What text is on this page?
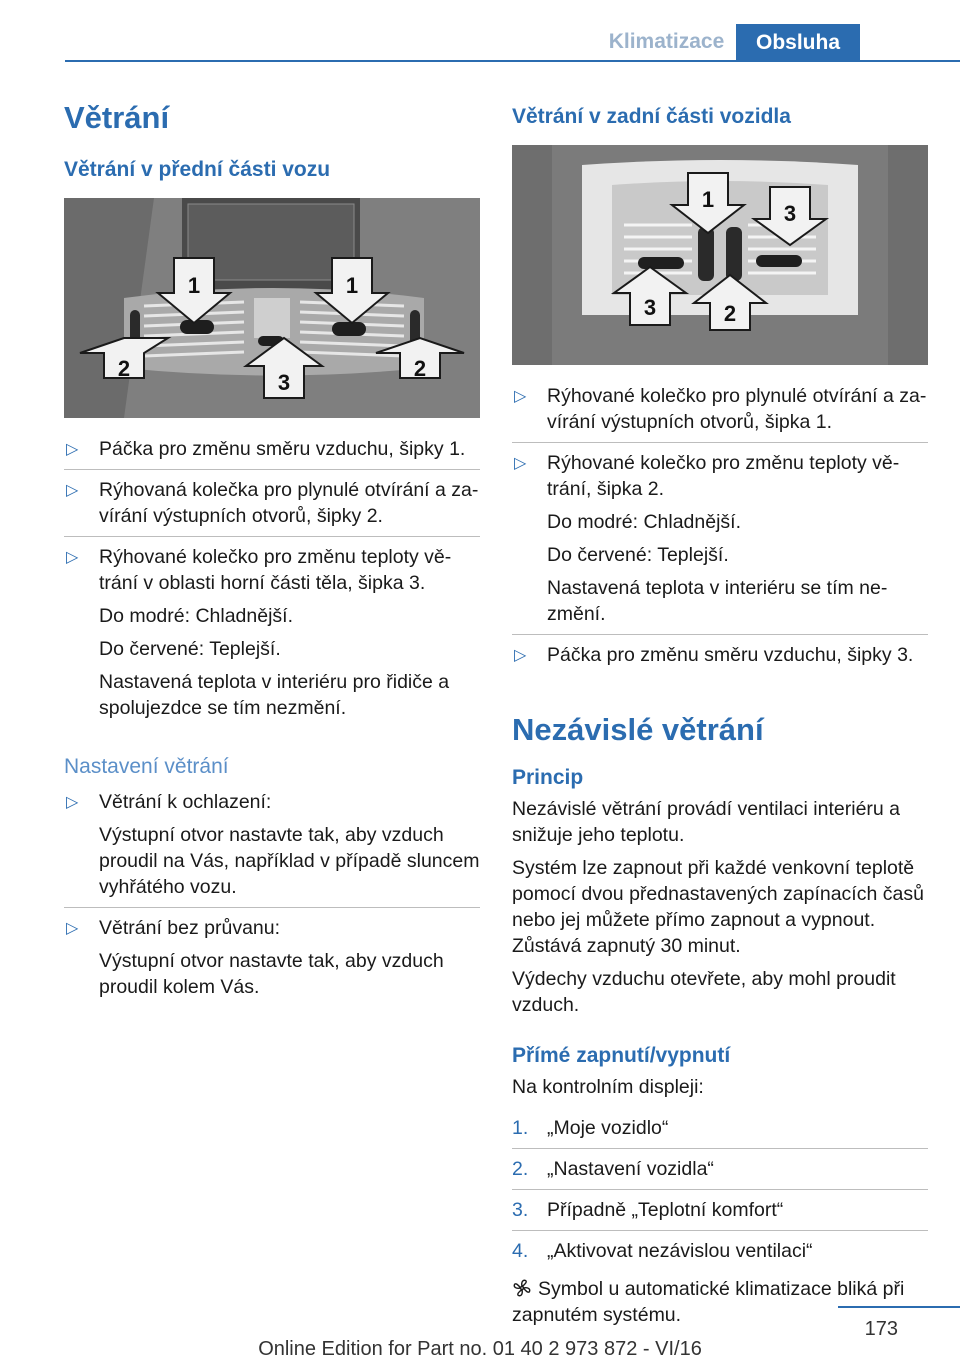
Klimatizace	Obsluha
Větrání
Větrání v přední části vozu
1	1
2
3
2
▷ Páčka pro změnu směru vzduchu, šipky 1.
▷ Rýhovaná kolečka pro plynulé otvírání a za‐vírání výstupních otvorů, šipky 2.
▷ Rýhované kolečko pro změnu teploty vě‐trání v oblasti horní části těla, šipka 3.
Do modré: Chladnější.
Do červené: Teplejší.
Nastavená teplota v interiéru pro řidiče a spolujezdce se tím nezmění.
Nastavení větrání
▷ Větrání k ochlazení:
Výstupní otvor nastavte tak, aby vzduch proudil na Vás, například v případě sluncem vyhřátého vozu.
▷ Větrání bez průvanu:
Výstupní otvor nastavte tak, aby vzduch proudil kolem Vás.
Větrání v zadní části vozidla
1
3
3	2
▷ Rýhované kolečko pro plynulé otvírání a za‐vírání výstupních otvorů, šipka 1.
▷ Rýhované kolečko pro změnu teploty vě‐trání, šipka 2.
Do modré: Chladnější.
Do červené: Teplejší.
Nastavená teplota v interiéru se tím ne‐změní.
▷ Páčka pro změnu směru vzduchu, šipky 3.
Nezávislé větrání
Princip
Nezávislé větrání provádí ventilaci interiéru a snižuje jeho teplotu.
Systém lze zapnout při každé venkovní teplotě pomocí dvou přednastavených zapínacích časů nebo jej můžete přímo zapnout a vypnout. Zůstává zapnutý 30 minut.
Výdechy vzduchu otevřete, aby mohl proudit vzduch.
Přímé zapnutí/vypnutí
Na kontrolním displeji:
1. „Moje vozidlo“
2. „Nastavení vozidla“
3. Případně „Teplotní komfort“
4. „Aktivovat nezávislou ventilaci“
Symbol u automatické klimatizace bliká při zapnutém systému.
173
Online Edition for Part no. 01 40 2 973 872 - VI/16
